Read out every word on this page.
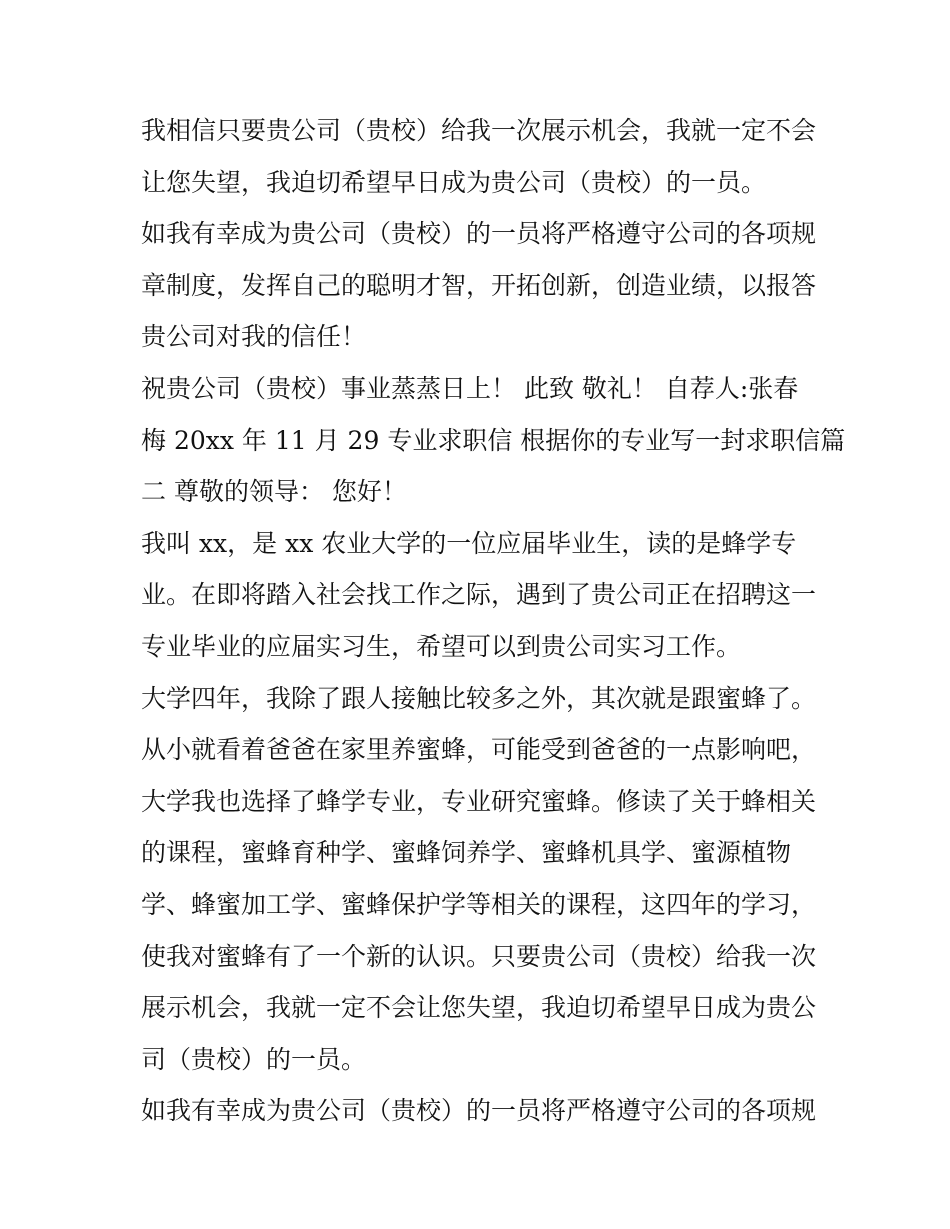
我相信只要贵公司（贵校）给我一次展示机会，我就一定不会

让您失望，我迫切希望早日成为贵公司（贵校）的一员。

如我有幸成为贵公司（贵校）的一员将严格遵守公司的各项规

章制度，发挥自己的聪明才智，开拓创新，创造业绩，以报答

贵公司对我的信任！

祝贵公司（贵校）事业蒸蒸日上！ 此致 敬礼！ 自荐人:张春

梅 20xx 年 11 月 29 专业求职信 根据你的专业写一封求职信篇

二 尊敬的领导： 您好！

我叫 xx，是 xx 农业大学的一位应届毕业生，读的是蜂学专

业。在即将踏入社会找工作之际，遇到了贵公司正在招聘这一

专业毕业的应届实习生，希望可以到贵公司实习工作。

大学四年，我除了跟人接触比较多之外，其次就是跟蜜蜂了。

从小就看着爸爸在家里养蜜蜂，可能受到爸爸的一点影响吧，

大学我也选择了蜂学专业，专业研究蜜蜂。修读了关于蜂相关

的课程，蜜蜂育种学、蜜蜂饲养学、蜜蜂机具学、蜜源植物

学、蜂蜜加工学、蜜蜂保护学等相关的课程，这四年的学习，

使我对蜜蜂有了一个新的认识。只要贵公司（贵校）给我一次

展示机会，我就一定不会让您失望，我迫切希望早日成为贵公

司（贵校）的一员。

如我有幸成为贵公司（贵校）的一员将严格遵守公司的各项规
